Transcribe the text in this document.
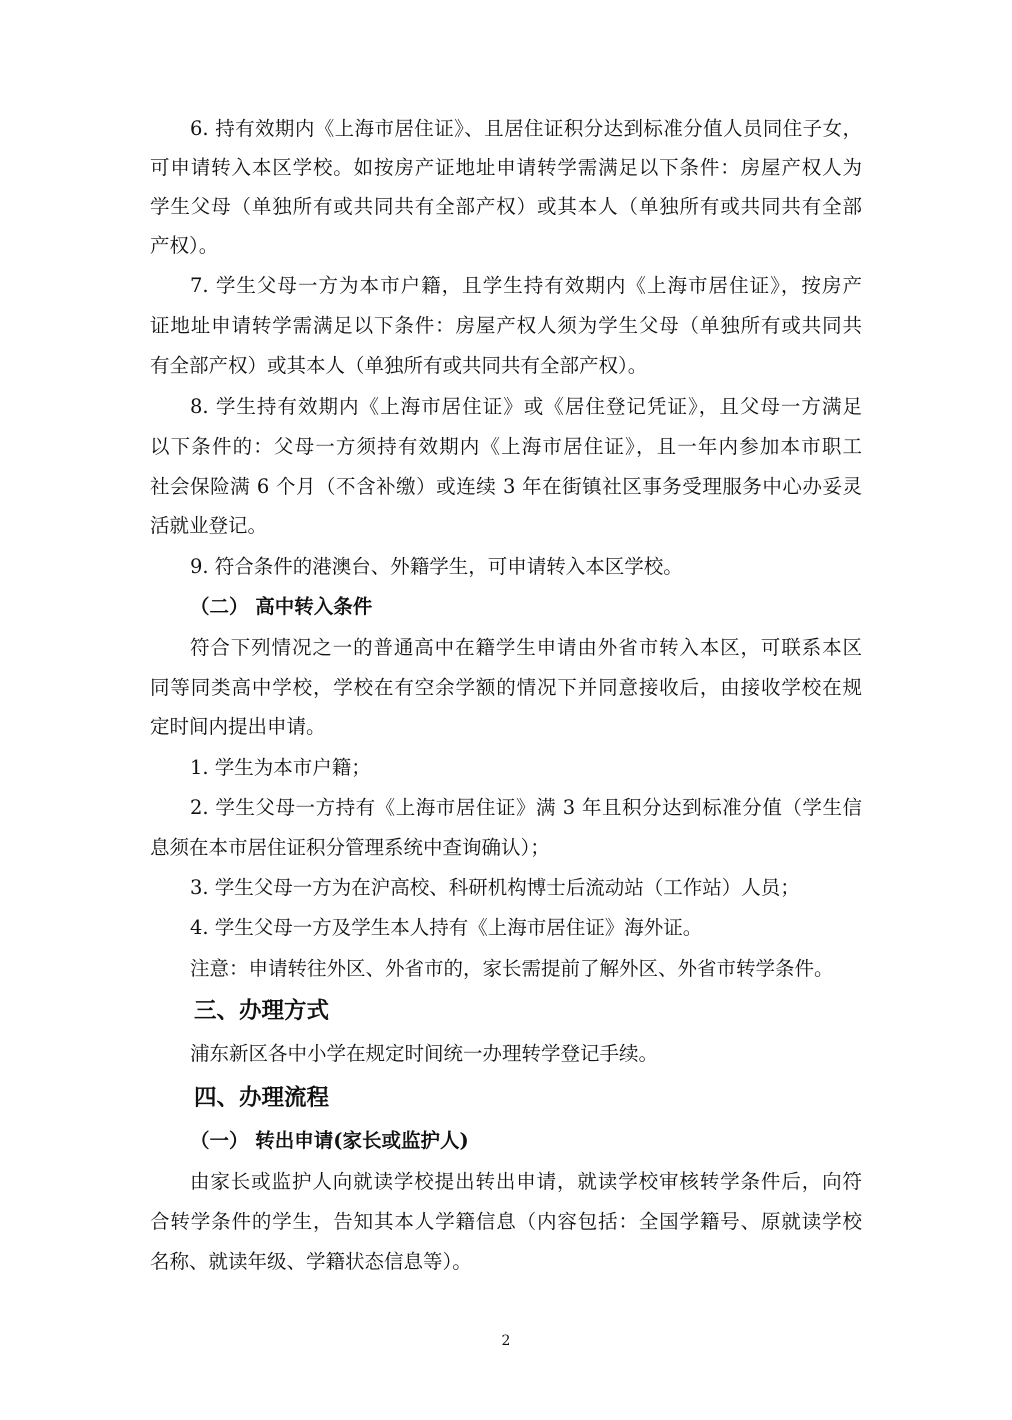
6. 持有效期内《上海市居住证》、且居住证积分达到标准分值人员同住子女，
可申请转入本区学校。如按房产证地址申请转学需满足以下条件：房屋产权人为
学生父母（单独所有或共同共有全部产权）或其本人（单独所有或共同共有全部
产权）。
7. 学生父母一方为本市户籍，且学生持有效期内《上海市居住证》，按房产
证地址申请转学需满足以下条件：房屋产权人须为学生父母（单独所有或共同共
有全部产权）或其本人（单独所有或共同共有全部产权）。
8. 学生持有效期内《上海市居住证》或《居住登记凭证》，且父母一方满足
以下条件的：父母一方须持有效期内《上海市居住证》，且一年内参加本市职工
社会保险满 6 个月（不含补缴）或连续 3 年在街镇社区事务受理服务中心办妥灵
活就业登记。
9. 符合条件的港澳台、外籍学生，可申请转入本区学校。
（二） 高中转入条件
符合下列情况之一的普通高中在籍学生申请由外省市转入本区，可联系本区
同等同类高中学校，学校在有空余学额的情况下并同意接收后，由接收学校在规
定时间内提出申请。
1. 学生为本市户籍；
2. 学生父母一方持有《上海市居住证》满 3 年且积分达到标准分值（学生信
息须在本市居住证积分管理系统中查询确认）；
3. 学生父母一方为在沪高校、科研机构博士后流动站（工作站）人员；
4. 学生父母一方及学生本人持有《上海市居住证》海外证。
注意：申请转往外区、外省市的，家长需提前了解外区、外省市转学条件。
三、办理方式
浦东新区各中小学在规定时间统一办理转学登记手续。
四、办理流程
（一） 转出申请(家长或监护人)
由家长或监护人向就读学校提出转出申请，就读学校审核转学条件后，向符
合转学条件的学生，告知其本人学籍信息（内容包括：全国学籍号、原就读学校
名称、就读年级、学籍状态信息等）。
2
